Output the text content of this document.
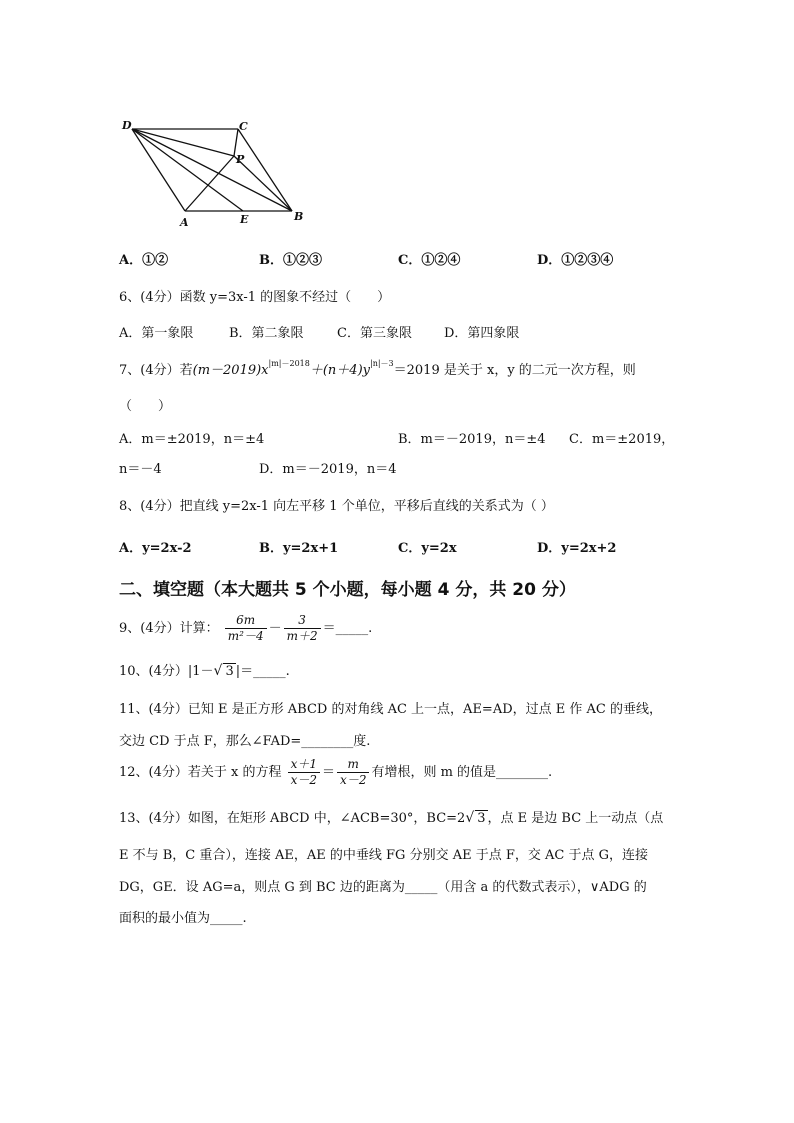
D	C
P
A	E	B
A．①②	B．①②③	C．①②④	D．①②③④
6、(4分）函数 y=3x-1 的图象不经过（　　）
A．第一象限	B．第二象限	C．第三象限 D．第四象限
7、(4分）若$(m-2019)x^{|m|-2018}+(n+4)y^{|n|-3}=2019$ 是关于 x，y 的二元一次方程，则
（　　）
A．m＝±2019，n＝±4	B．m＝－2019，n＝±4 C．m＝±2019，
n＝－4	D．m＝－2019，n＝4
8、(4分）把直线 y=2x-1 向左平移 1 个单位，平移后直线的关系式为（ ）
A．y=2x-2	B．y=2x+1	C．y=2x	D．y=2x+2
二、填空题（本大题共 5 个小题，每小题 4 分，共 20 分）
9、(4分）计算： $\frac{6m}{\text{m²－4}} - \frac{3}{m+2}$ ＝_____.
10、(4分）|1－√ 3 |＝_____.
11、(4分）已知 E 是正方形 ABCD 的对角线 AC 上一点，AE=AD，过点 E 作 AC 的垂线，
交边 CD 于点 F，那么∠FAD=________度.
12、(4分）若关于 x 的方程 $\frac{x+1}{x-2} = \frac{m}{x-2}$ 有增根，则 m 的值是________.
13、(4分）如图，在矩形 ABCD 中，∠ACB=30°，BC=2√ 3 ，点 E 是边 BC 上一动点（点
E 不与 B，C 重合），连接 AE，AE 的中垂线 FG 分别交 AE 于点 F，交 AC 于点 G，连接
DG，GE．设 AG=a，则点 G 到 BC 边的距离为_____（用含 a 的代数式表示），∨ADG 的
面积的最小值为_____.
